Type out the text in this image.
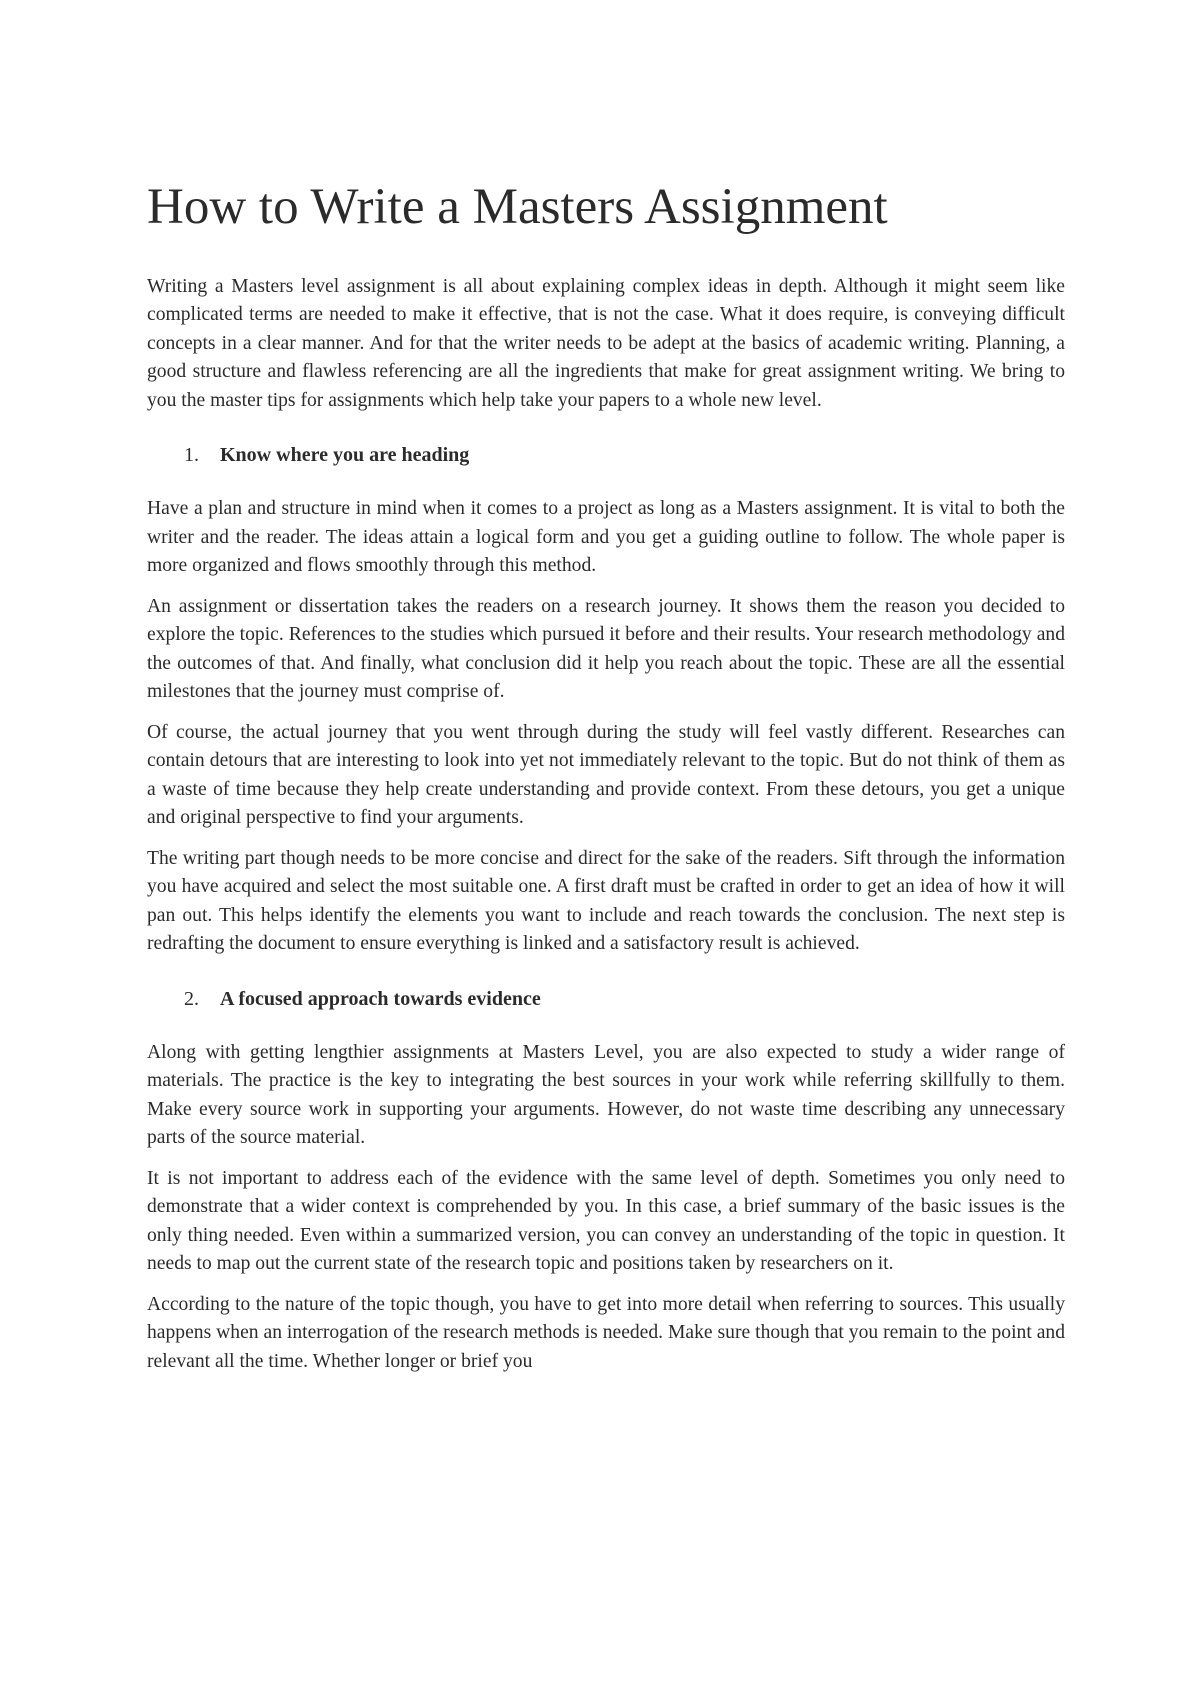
How to Write a Masters Assignment

Writing a Masters level assignment is all about explaining complex ideas in depth. Although it might seem like complicated terms are needed to make it effective, that is not the case. What it does require, is conveying difficult concepts in a clear manner. And for that the writer needs to be adept at the basics of academic writing. Planning, a good structure and flawless referencing are all the ingredients that make for great assignment writing. We bring to you the master tips for assignments which help take your papers to a whole new level.

1.	Know where you are heading

Have a plan and structure in mind when it comes to a project as long as a Masters assignment. It is vital to both the writer and the reader. The ideas attain a logical form and you get a guiding outline to follow. The whole paper is more organized and flows smoothly through this method.

An assignment or dissertation takes the readers on a research journey. It shows them the reason you decided to explore the topic. References to the studies which pursued it before and their results. Your research methodology and the outcomes of that. And finally, what conclusion did it help you reach about the topic. These are all the essential milestones that the journey must comprise of.

Of course, the actual journey that you went through during the study will feel vastly different. Researches can contain detours that are interesting to look into yet not immediately relevant to the topic. But do not think of them as a waste of time because they help create understanding and provide context. From these detours, you get a unique and original perspective to find your arguments.

The writing part though needs to be more concise and direct for the sake of the readers. Sift through the information you have acquired and select the most suitable one. A first draft must be crafted in order to get an idea of how it will pan out. This helps identify the elements you want to include and reach towards the conclusion. The next step is redrafting the document to ensure everything is linked and a satisfactory result is achieved.

2.	A focused approach towards evidence

Along with getting lengthier assignments at Masters Level, you are also expected to study a wider range of materials. The practice is the key to integrating the best sources in your work while referring skillfully to them. Make every source work in supporting your arguments. However, do not waste time describing any unnecessary parts of the source material.

It is not important to address each of the evidence with the same level of depth. Sometimes you only need to demonstrate that a wider context is comprehended by you. In this case, a brief summary of the basic issues is the only thing needed. Even within a summarized version, you can convey an understanding of the topic in question. It needs to map out the current state of the research topic and positions taken by researchers on it.

According to the nature of the topic though, you have to get into more detail when referring to sources. This usually happens when an interrogation of the research methods is needed. Make sure though that you remain to the point and relevant all the time. Whether longer or brief you
